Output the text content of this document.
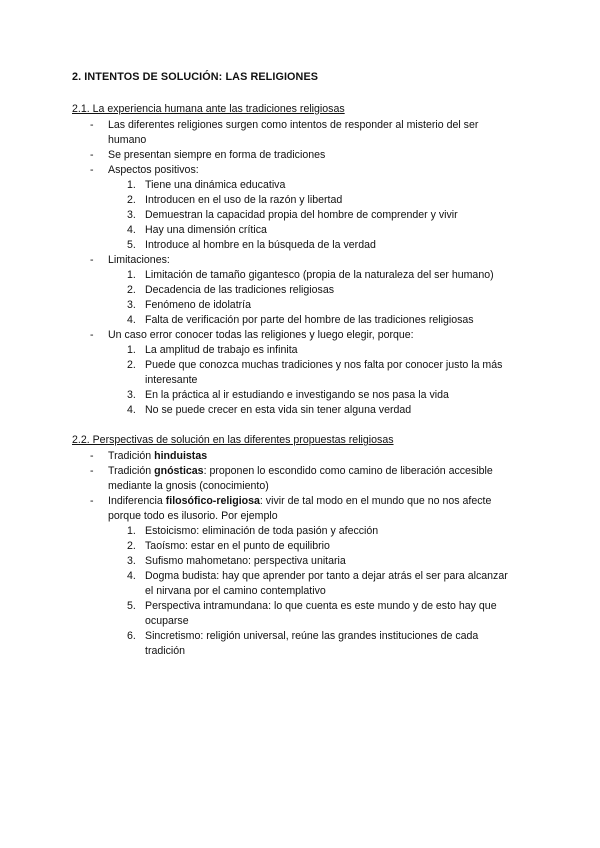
2. INTENTOS DE SOLUCIÓN: LAS RELIGIONES
2.1. La experiencia humana ante las tradiciones religiosas
- Las diferentes religiones surgen como intentos de responder al misterio del ser
humano
- Se presentan siempre en forma de tradiciones
- Aspectos positivos:
1. Tiene una dinámica educativa
2. Introducen en el uso de la razón y libertad
3. Demuestran la capacidad propia del hombre de comprender y vivir
4. Hay una dimensión crítica
5. Introduce al hombre en la búsqueda de la verdad
- Limitaciones:
1. Limitación de tamaño gigantesco (propia de la naturaleza del ser humano)
2. Decadencia de las tradiciones religiosas
3. Fenómeno de idolatría
4. Falta de verificación por parte del hombre de las tradiciones religiosas
- Un caso error conocer todas las religiones y luego elegir, porque:
1. La amplitud de trabajo es infinita
2. Puede que conozca muchas tradiciones y nos falta por conocer justo la más
interesante
3. En la práctica al ir estudiando e investigando se nos pasa la vida
4. No se puede crecer en esta vida sin tener alguna verdad
2.2. Perspectivas de solución en las diferentes propuestas religiosas
- Tradición hinduistas
- Tradición gnósticas: proponen lo escondido como camino de liberación accesible
mediante la gnosis (conocimiento)
- Indiferencia filosófico-religiosa: vivir de tal modo en el mundo que no nos afecte
porque todo es ilusorio. Por ejemplo
1. Estoicismo: eliminación de toda pasión y afección
2. Taoísmo: estar en el punto de equilibrio
3. Sufismo mahometano: perspectiva unitaria
4. Dogma budista: hay que aprender por tanto a dejar atrás el ser para alcanzar
el nirvana por el camino contemplativo
5. Perspectiva intramundana: lo que cuenta es este mundo y de esto hay que
ocuparse
6. Sincretismo: religión universal, reúne las grandes instituciones de cada
tradición
